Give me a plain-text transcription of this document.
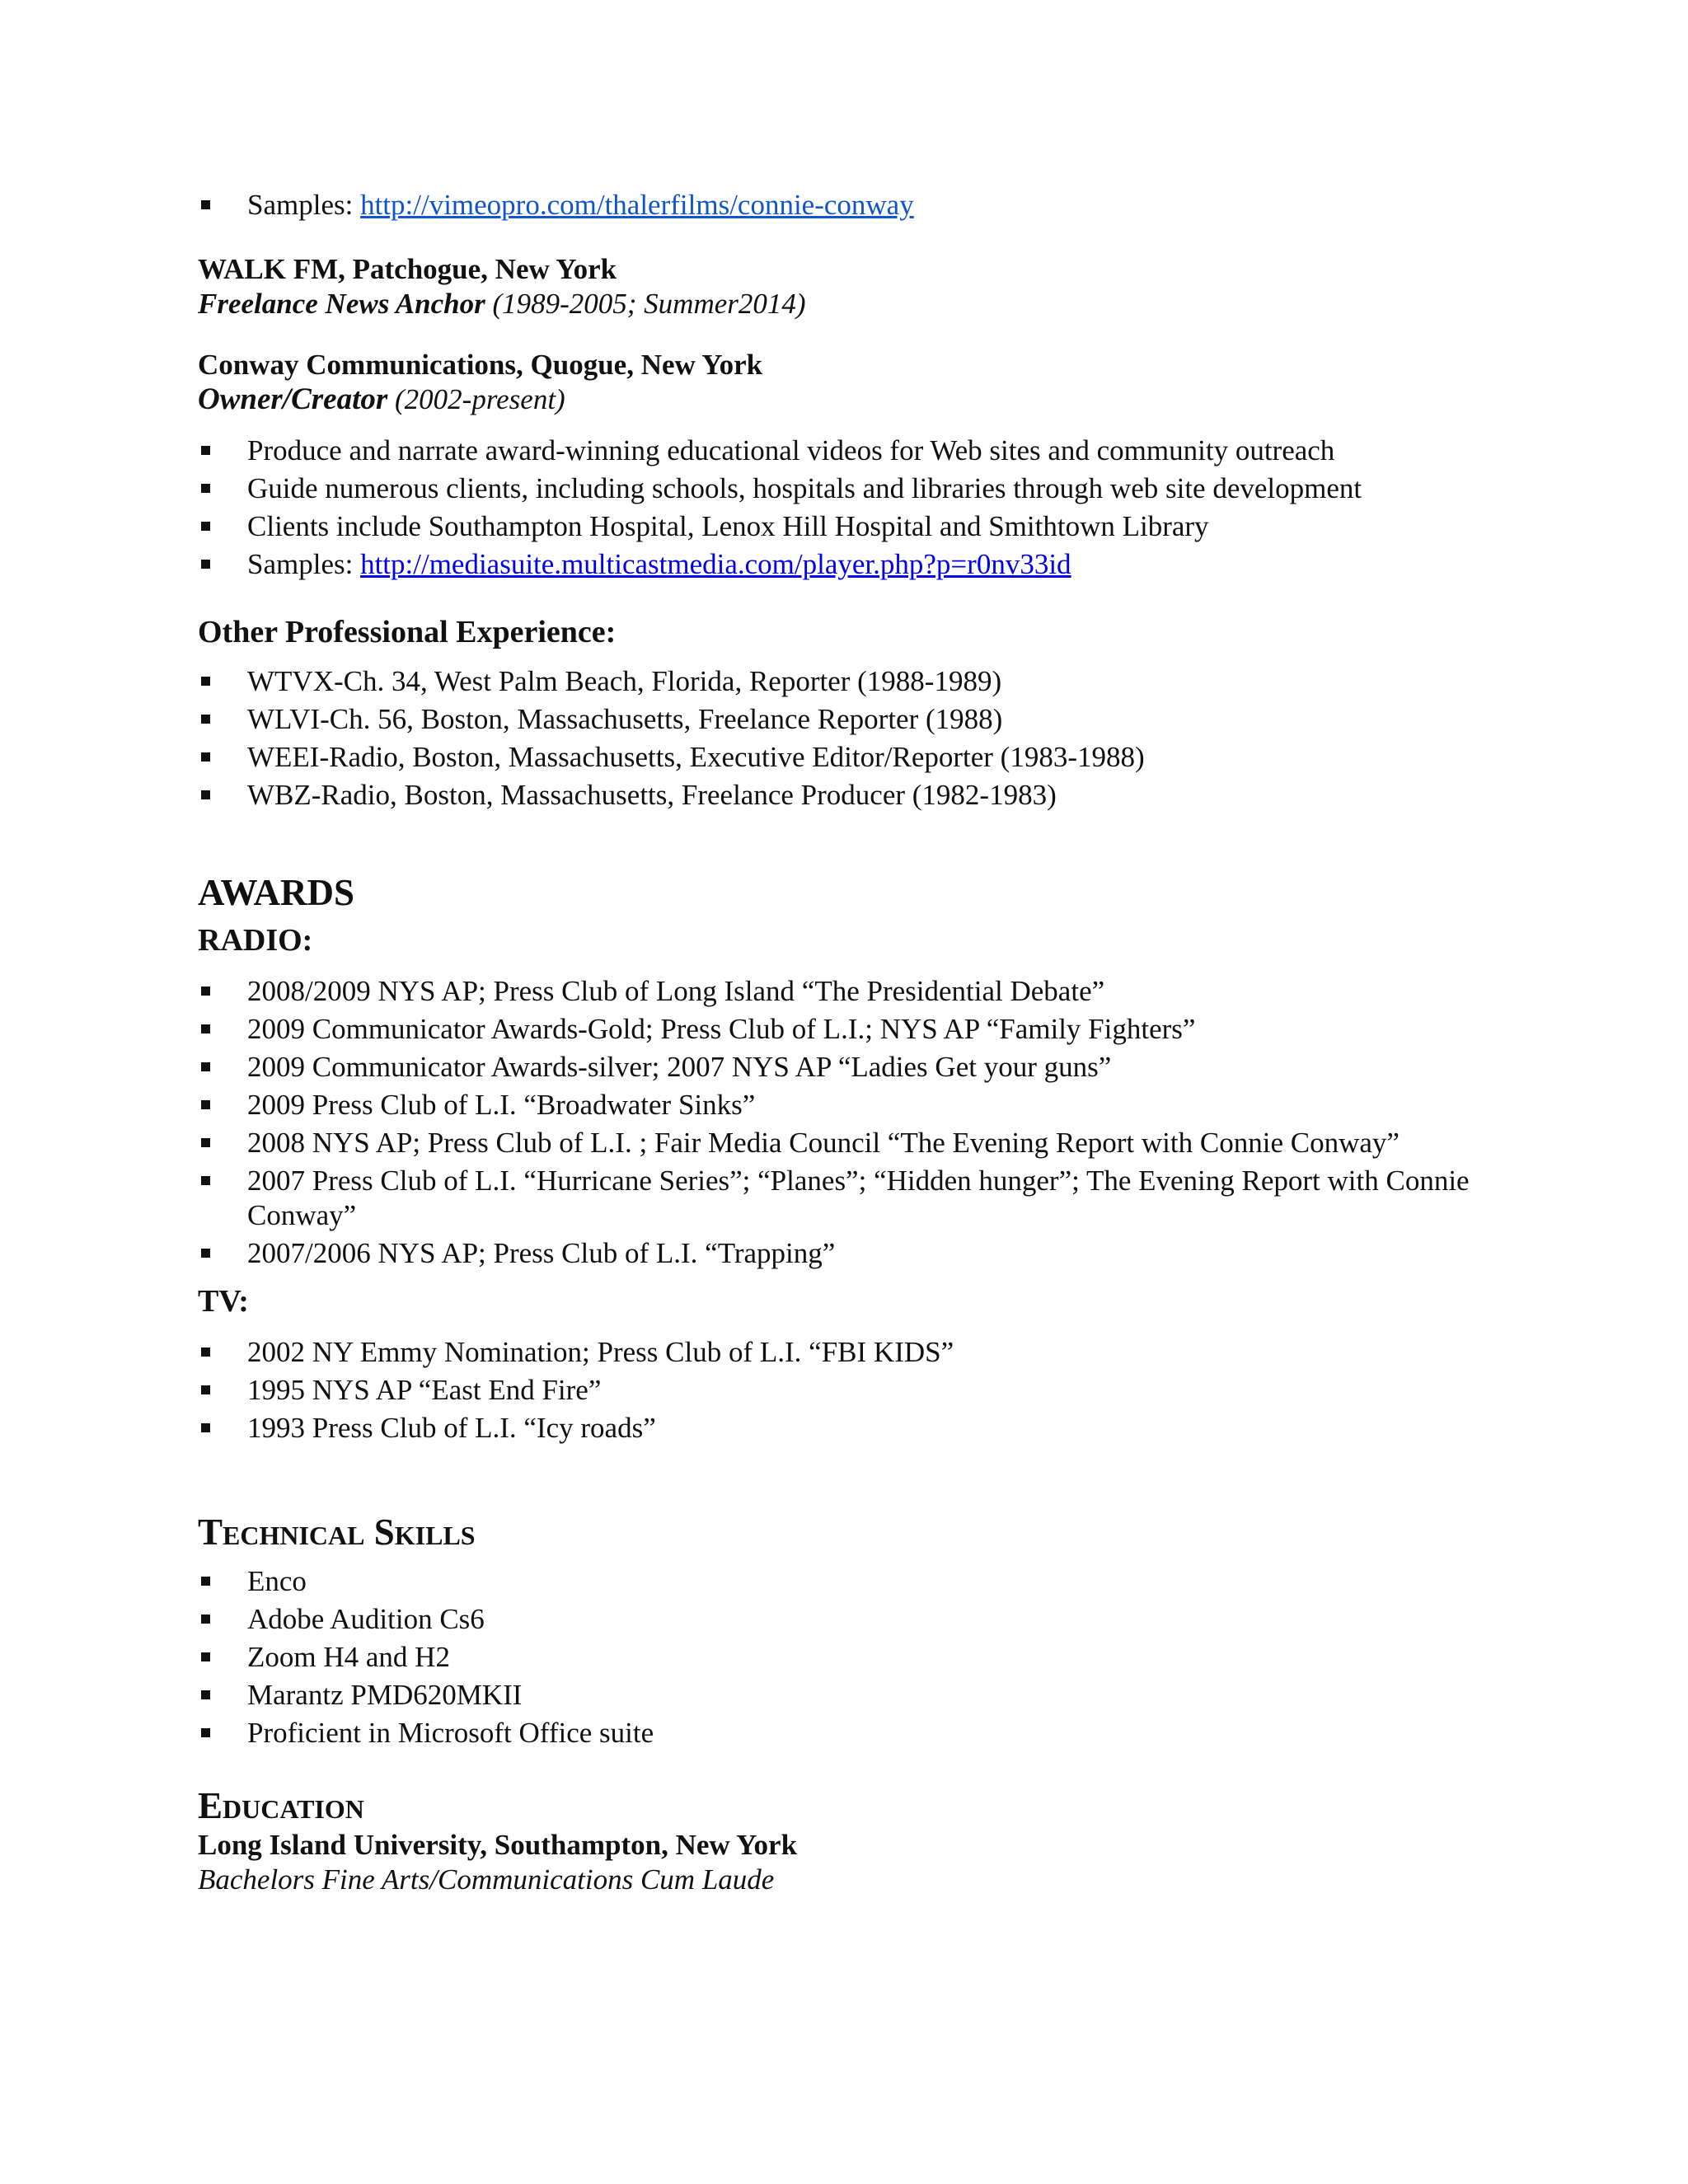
Samples: http://vimeopro.com/thalerfilms/connie-conway
WALK FM, Patchogue, New York
Freelance News Anchor (1989-2005; Summer2014)
Conway Communications, Quogue, New York
Owner/Creator (2002-present)
Produce and narrate award-winning educational videos for Web sites and community outreach
Guide numerous clients, including schools, hospitals and libraries through web site development
Clients include Southampton Hospital, Lenox Hill Hospital and Smithtown Library
Samples: http://mediasuite.multicastmedia.com/player.php?p=r0nv33id
Other Professional Experience:
WTVX-Ch. 34, West Palm Beach, Florida, Reporter (1988-1989)
WLVI-Ch. 56, Boston, Massachusetts, Freelance Reporter (1988)
WEEI-Radio, Boston, Massachusetts, Executive Editor/Reporter (1983-1988)
WBZ-Radio, Boston, Massachusetts, Freelance Producer (1982-1983)
AWARDS
RADIO:
2008/2009 NYS AP; Press Club of Long Island “The Presidential Debate”
2009 Communicator Awards-Gold; Press Club of L.I.; NYS AP “Family Fighters”
2009 Communicator Awards-silver; 2007 NYS AP “Ladies Get your guns”
2009 Press Club of L.I. “Broadwater Sinks”
2008 NYS AP; Press Club of L.I. ; Fair Media Council “The Evening Report with Connie Conway”
2007 Press Club of L.I. “Hurricane Series”; “Planes”; “Hidden hunger”; The Evening Report with Connie Conway”
2007/2006 NYS AP; Press Club of L.I. “Trapping”
TV:
2002 NY Emmy Nomination; Press Club of L.I. “FBI KIDS”
1995 NYS AP “East End Fire”
1993 Press Club of L.I. “Icy roads”
Technical Skills
Enco
Adobe Audition Cs6
Zoom H4 and H2
Marantz PMD620MKII
Proficient in Microsoft Office suite
Education
Long Island University, Southampton, New York
Bachelors Fine Arts/Communications Cum Laude
